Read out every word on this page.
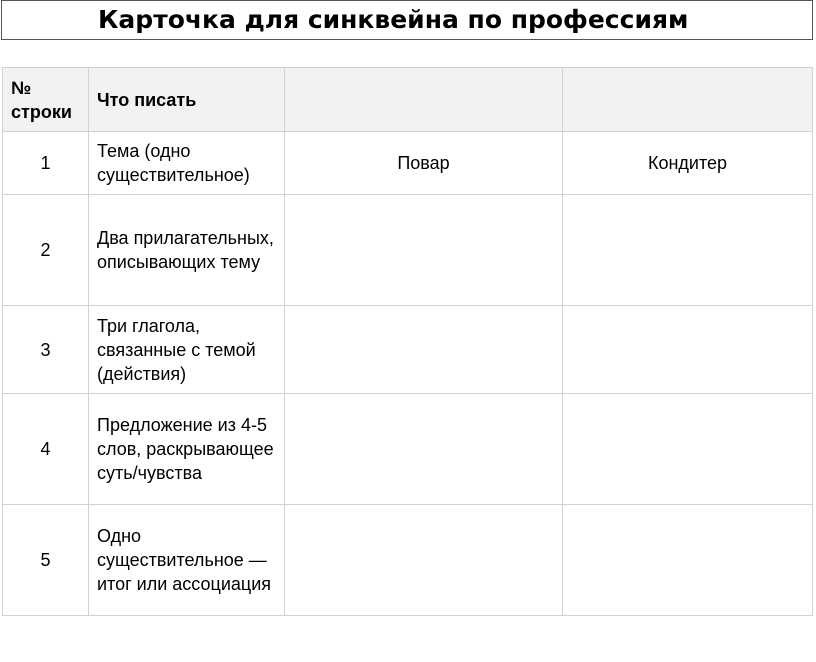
Карточка для синквейна по профессиям
№ строки	Что писать		
1	Тема (одно существительное)	Повар	Кондитер
2	Два прилагательных, описывающих тему		
3	Три глагола, связанные с темой (действия)		
4	Предложение из 4-5 слов, раскрывающее суть/чувства		
5	Одно существительное — итог или ассоциация		
